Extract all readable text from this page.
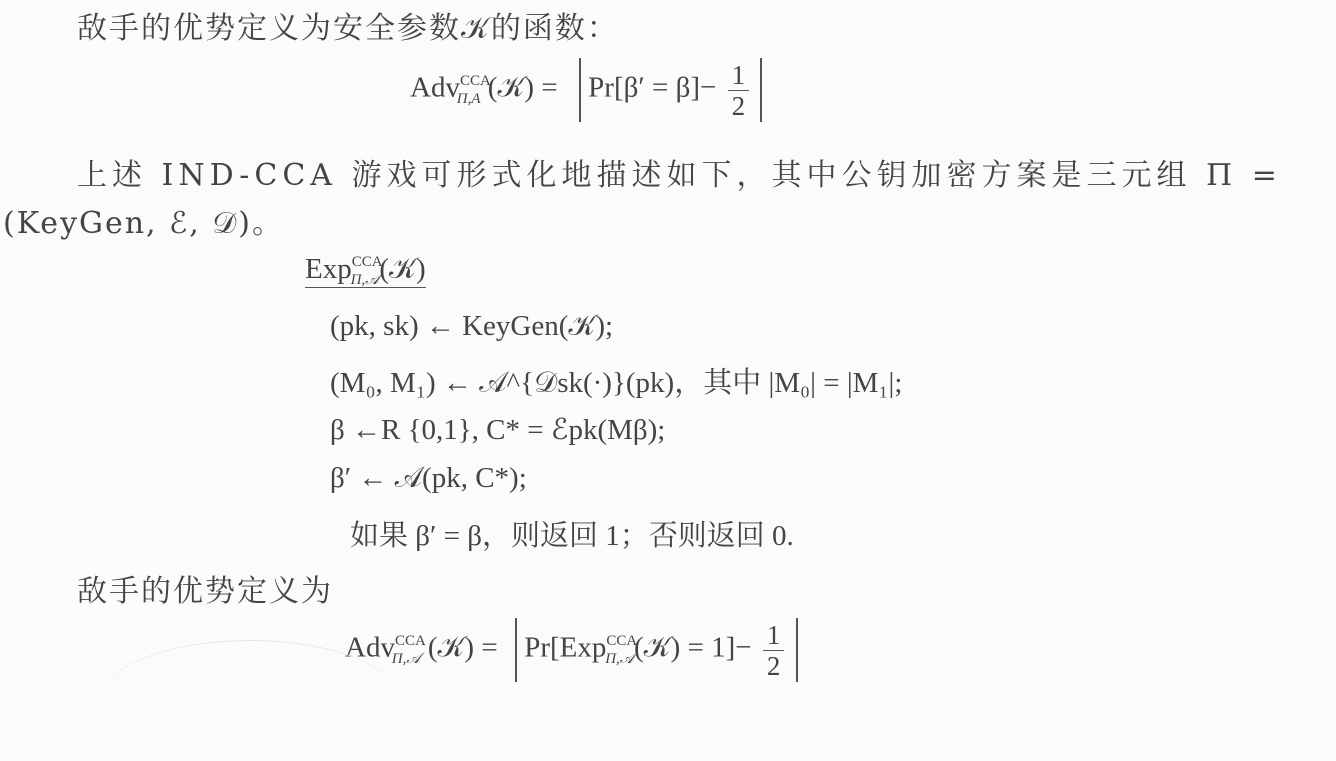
敌手的优势定义为安全参数𝒦的函数：
Adv$^{CCA}_{\Pi,A}$ (𝒦) = $Pr[\beta' = \beta]- \frac{1}{2}$

上述 IND-CCA 游戏可形式化地描述如下，其中公钥加密方案是三元组 Π =
(KeyGen, ℰ, 𝒟)。
Exp$^{CCA}_{\Pi,𝒜}$(𝒦)
(pk, sk) ← KeyGen(𝒦);
(M₀, M₁) ← 𝒜^{𝒟sk(·)}(pk)，其中 |M₀| = |M₁|;
β ←R {0,1}, C* = ℰpk(Mβ);
β′ ← 𝒜(pk, C*);
如果 β′ = β，则返回 1；否则返回 0.
敌手的优势定义为
Adv$^{CCA}_{\Pi,𝒜}$ (𝒦) = Pr[Exp$^{CCA}_{\Pi,𝒜}$(𝒦) = $1]- \frac{1}{2}$
